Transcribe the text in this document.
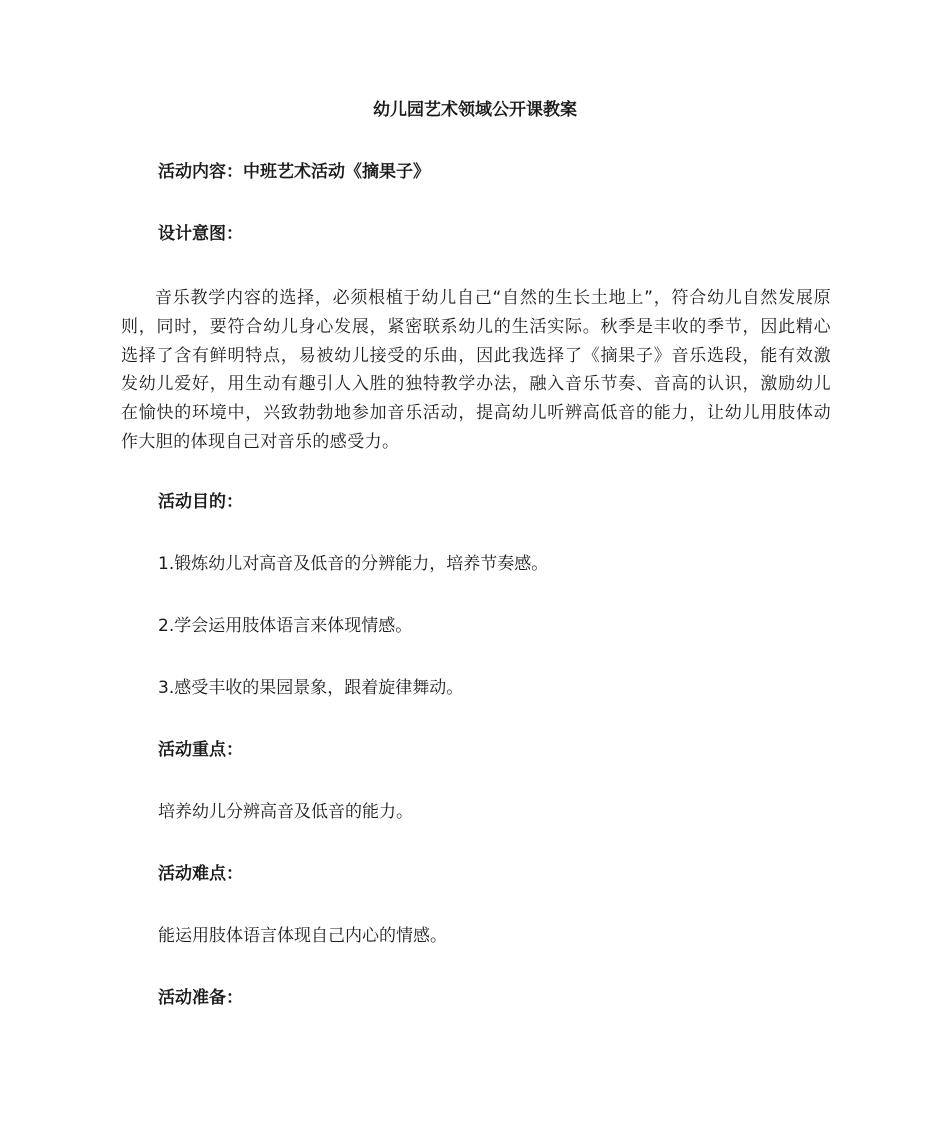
幼儿园艺术领域公开课教案
活动内容：中班艺术活动《摘果子》
设计意图：
音乐教学内容的选择，必须根植于幼儿自己“自然的生长土地上”，符合幼儿自然发展原则，同时，要符合幼儿身心发展，紧密联系幼儿的生活实际。秋季是丰收的季节，因此精心选择了含有鲜明特点，易被幼儿接受的乐曲，因此我选择了《摘果子》音乐选段，能有效激发幼儿爱好，用生动有趣引人入胜的独特教学办法，融入音乐节奏、音高的认识，激励幼儿在愉快的环境中，兴致勃勃地参加音乐活动，提高幼儿听辨高低音的能力，让幼儿用肢体动作大胆的体现自己对音乐的感受力。
活动目的：
1.锻炼幼儿对高音及低音的分辨能力，培养节奏感。
2.学会运用肢体语言来体现情感。
3.感受丰收的果园景象，跟着旋律舞动。
活动重点：
培养幼儿分辨高音及低音的能力。
活动难点：
能运用肢体语言体现自己内心的情感。
活动准备：
